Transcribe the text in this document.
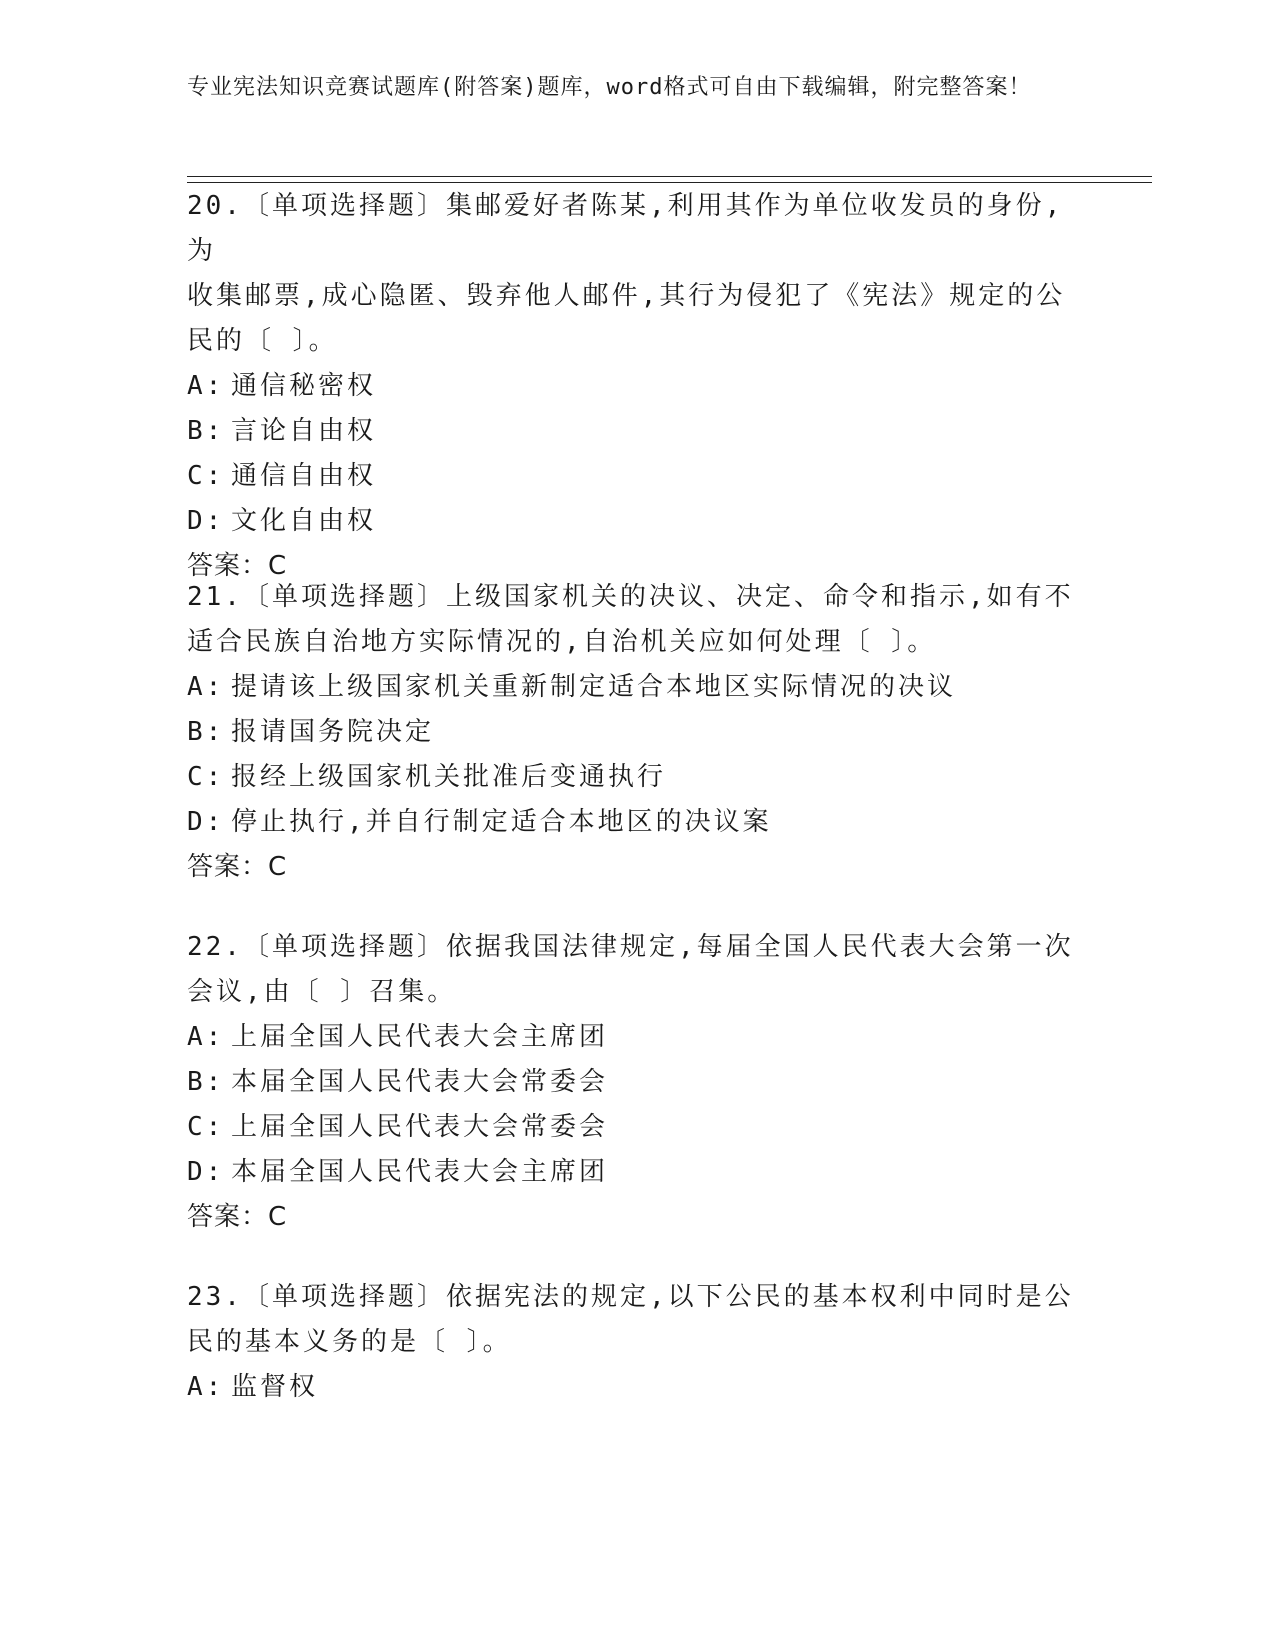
专业宪法知识竞赛试题库(附答案)题库，word格式可自由下载编辑，附完整答案！

20.〔单项选择题〕集邮爱好者陈某,利用其作为单位收发员的身份,为

收集邮票,成心隐匿、毁弃他人邮件,其行为侵犯了《宪法》规定的公

民的〔 〕。

A: 通信秘密权

B: 言论自由权

C: 通信自由权

D: 文化自由权

答案：C

21.〔单项选择题〕上级国家机关的决议、决定、命令和指示,如有不

适合民族自治地方实际情况的,自治机关应如何处理〔 〕。

A: 提请该上级国家机关重新制定适合本地区实际情况的决议

B: 报请国务院决定

C: 报经上级国家机关批准后变通执行

D: 停止执行,并自行制定适合本地区的决议案

答案：C

22.〔单项选择题〕依据我国法律规定,每届全国人民代表大会第一次

会议,由〔 〕召集。

A: 上届全国人民代表大会主席团

B: 本届全国人民代表大会常委会

C: 上届全国人民代表大会常委会

D: 本届全国人民代表大会主席团

答案：C

23.〔单项选择题〕依据宪法的规定,以下公民的基本权利中同时是公

民的基本义务的是〔 〕。

A: 监督权
